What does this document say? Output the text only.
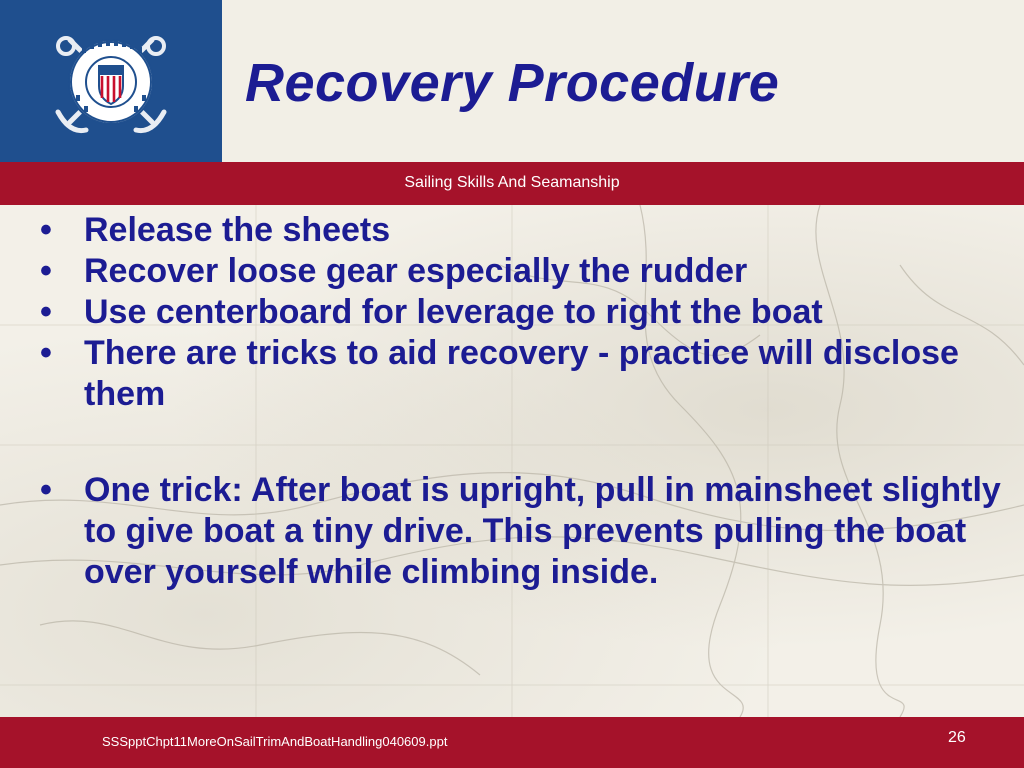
Recovery Procedure
Sailing Skills And Seamanship
• Release the sheets
• Recover loose gear especially the rudder
• Use centerboard for leverage to right the boat
• There are tricks to aid recovery - practice will disclose them
• One trick: After boat is upright, pull in mainsheet slightly to give boat a tiny drive. This prevents pulling the boat over yourself while climbing inside.
SSSpptChpt11MoreOnSailTrimAndBoatHandling040609.ppt	26
